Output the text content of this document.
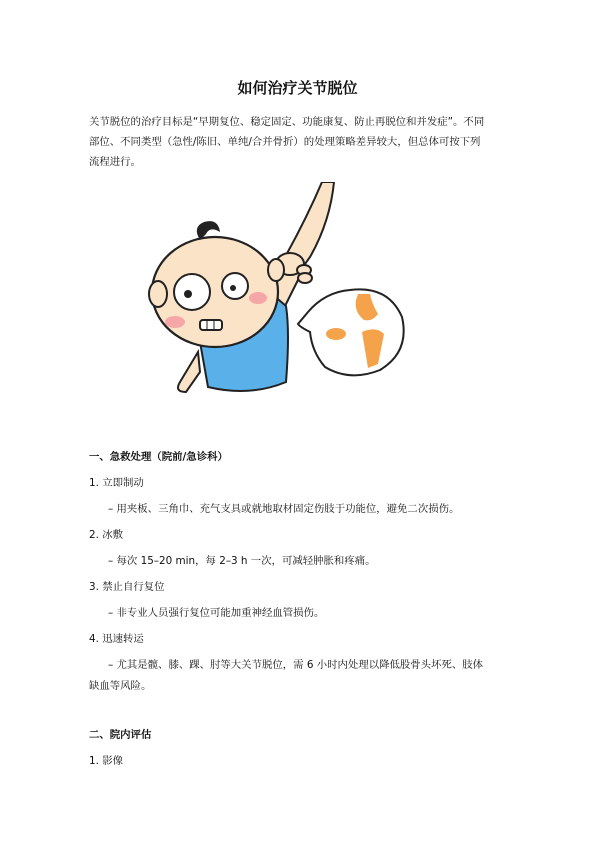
如何治疗关节脱位
关节脱位的治疗目标是“早期复位、稳定固定、功能康复、防止再脱位和并发症”。不同
部位、不同类型（急性/陈旧、单纯/合并骨折）的处理策略差异较大，但总体可按下列
流程进行。

一、急救处理（院前/急诊科）

1. 立即制动

– 用夹板、三角巾、充气支具或就地取材固定伤肢于功能位，避免二次损伤。

2. 冰敷

– 每次 15–20 min，每 2–3 h 一次，可减轻肿胀和疼痛。

3. 禁止自行复位

– 非专业人员强行复位可能加重神经血管损伤。

4. 迅速转运

– 尤其是髋、膝、踝、肘等大关节脱位，需 6 小时内处理以降低股骨头坏死、肢体

缺血等风险。

二、院内评估

1. 影像
